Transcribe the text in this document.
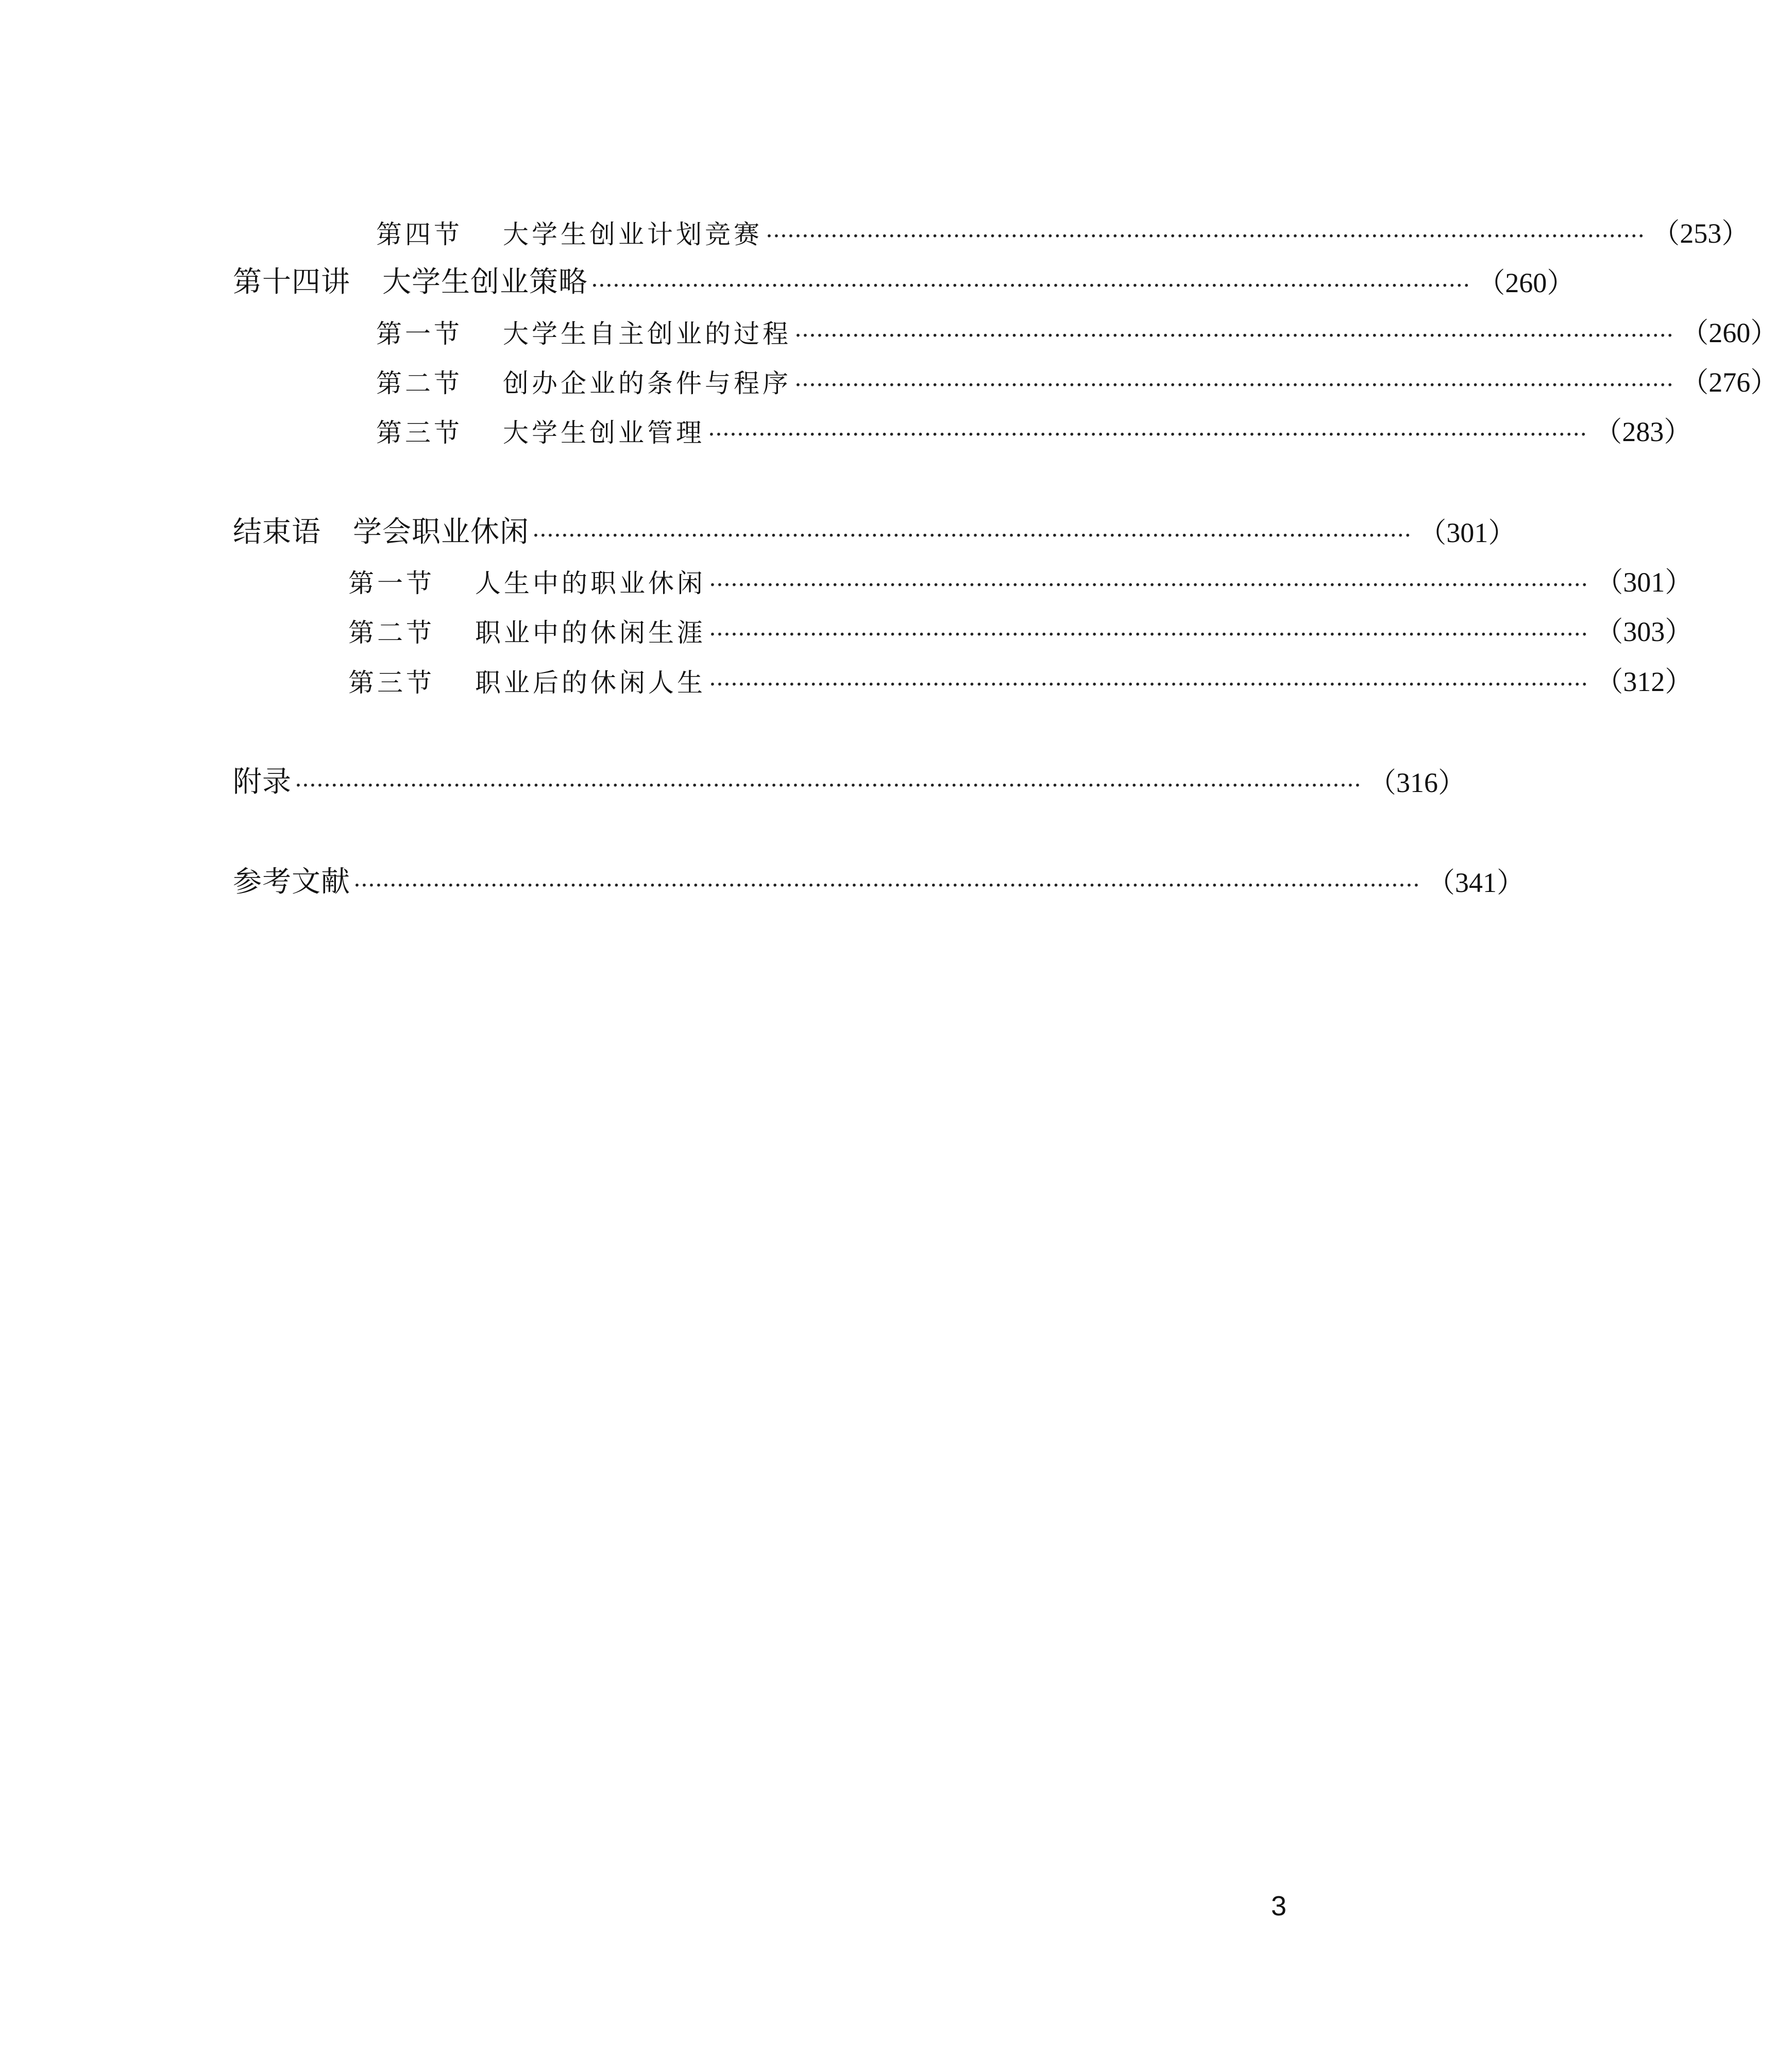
第四节 大学生创业计划竞赛 ·························································································································· （253）
第十四讲 大学生创业策略 ·························································································································· （260）
第一节 大学生自主创业的过程 ·························································································································· （260）
第二节 创办企业的条件与程序 ·························································································································· （276）
第三节 大学生创业管理 ·························································································································· （283）
结束语 学会职业休闲 ·························································································································· （301）
第一节 人生中的职业休闲 ·························································································································· （301）
第二节 职业中的休闲生涯 ·························································································································· （303）
第三节 职业后的休闲人生 ·························································································································· （312）
附录 ···················································································································································· （316）
参考文献 ···················································································································································· （341）
3
